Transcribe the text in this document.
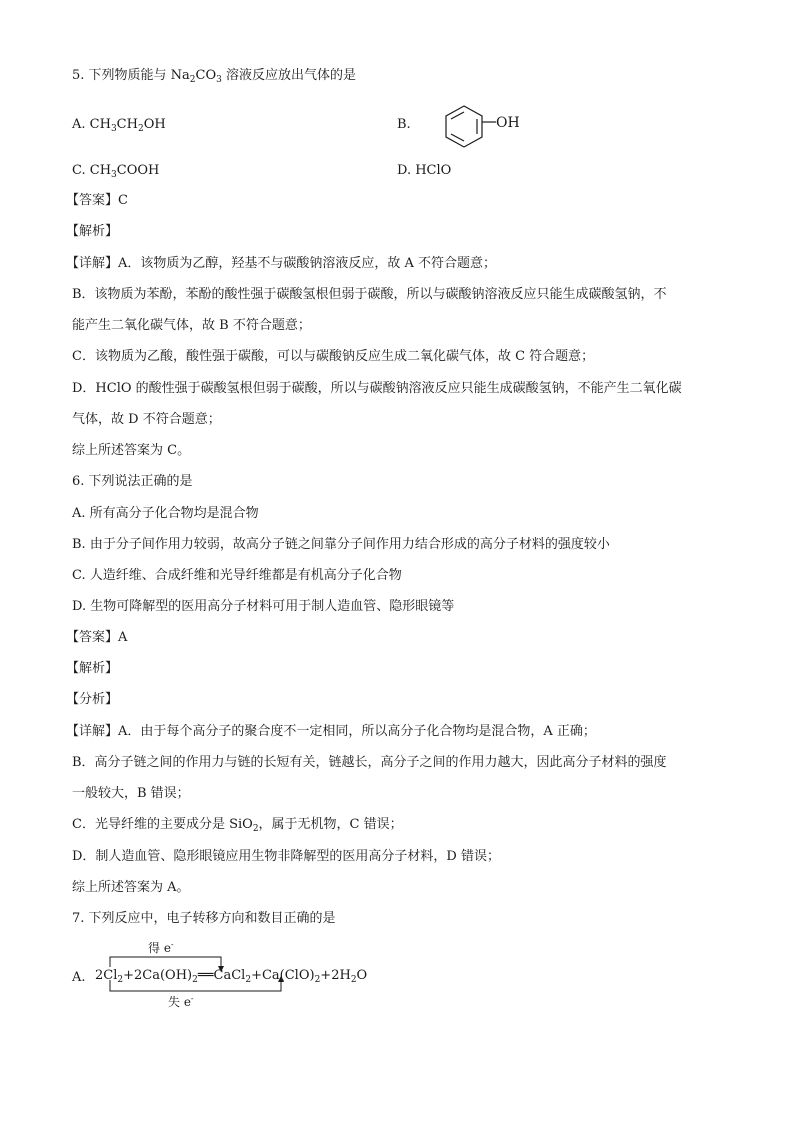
5. 下列物质能与 $Na_2CO_3$ 溶液反应放出气体的是
A. $CH_3CH_2OH$	B.	OH
C. $CH_3COOH$	D. HClO
【答案】C
【解析】
【详解】A．该物质为乙醇，羟基不与碳酸钠溶液反应，故 A 不符合题意；
B．该物质为苯酚，苯酚的酸性强于碳酸氢根但弱于碳酸，所以与碳酸钠溶液反应只能生成碳酸氢钠，不
能产生二氧化碳气体，故 B 不符合题意；
C．该物质为乙酸，酸性强于碳酸，可以与碳酸钠反应生成二氧化碳气体，故 C 符合题意；
D．HClO 的酸性强于碳酸氢根但弱于碳酸，所以与碳酸钠溶液反应只能生成碳酸氢钠，不能产生二氧化碳
气体，故 D 不符合题意；
综上所述答案为 C。
6. 下列说法正确的是
A. 所有高分子化合物均是混合物
B. 由于分子间作用力较弱，故高分子链之间靠分子间作用力结合形成的高分子材料的强度较小
C. 人造纤维、合成纤维和光导纤维都是有机高分子化合物
D. 生物可降解型的医用高分子材料可用于制人造血管、隐形眼镜等
【答案】A
【解析】
【分析】
【详解】A．由于每个高分子的聚合度不一定相同，所以高分子化合物均是混合物，A 正确；
B．高分子链之间的作用力与链的长短有关，链越长，高分子之间的作用力越大，因此高分子材料的强度
一般较大，B 错误；
C．光导纤维的主要成分是 SiO$_2$，属于无机物，C 错误；
D．制人造血管、隐形眼镜应用生物非降解型的医用高分子材料，D 错误；
综上所述答案为 A。
7. 下列反应中，电子转移方向和数目正确的是
A.
得 e-
$2Cl_2+2Ca(OH)_2══CaCl_2+Ca(ClO)_2+2H_2O$
失 e-
